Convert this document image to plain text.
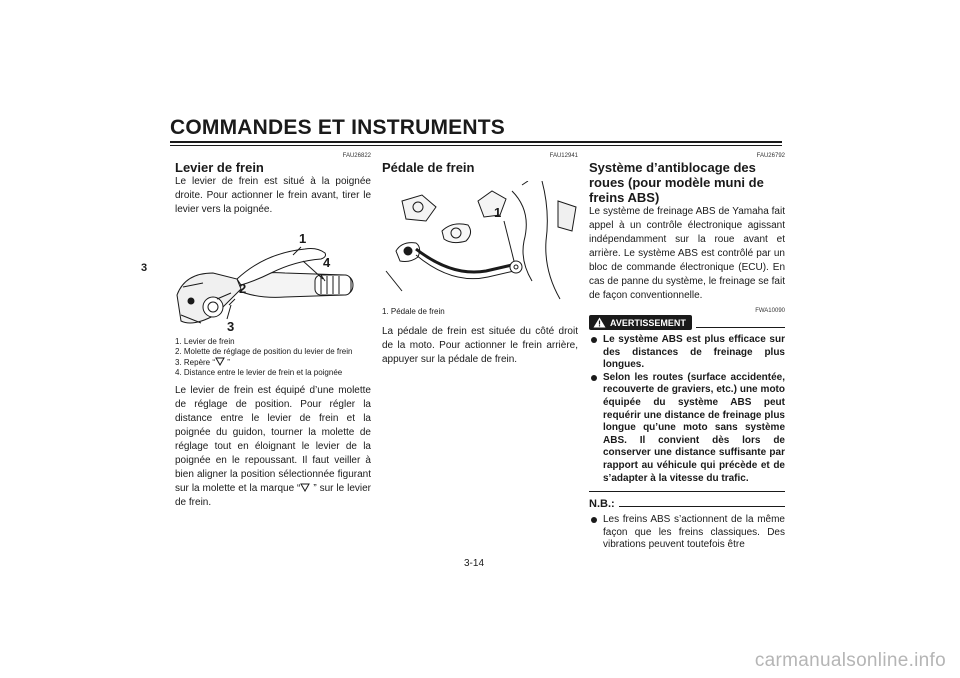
COMMANDES ET INSTRUMENTS
3
FAU26822
Levier de frein

Le levier de frein est situé à la poignée droite. Pour actionner le frein avant, tirer le levier vers la poignée.

1
2
3
4
1. Levier de frein
2. Molette de réglage de position du levier de frein
3. Repère “ ”
4. Distance entre le levier de frein et la poignée

Le levier de frein est équipé d’une molette de réglage de position. Pour régler la distance entre le levier de frein et la poignée du guidon, tourner la molette de réglage tout en éloignant le levier de la poignée en le repoussant. Il faut veiller à bien aligner la position sélectionnée figurant sur la molette et la marque “ ” sur le levier de frein.

FAU12941
Pédale de frein
1
1. Pédale de frein

La pédale de frein est située du côté droit de la moto. Pour actionner le frein arrière, appuyer sur la pédale de frein.

FAU26792
Système d’antiblocage des roues (pour modèle muni de freins ABS)

Le système de freinage ABS de Yamaha fait appel à un contrôle électronique agissant indépendamment sur la roue avant et arrière. Le système ABS est contrôlé par un bloc de commande électronique (ECU). En cas de panne du système, le freinage se fait de façon conventionnelle.

FWA10090
AVERTISSEMENT
Le système ABS est plus efficace sur des distances de freinage plus longues.
Selon les routes (surface accidentée, recouverte de graviers, etc.) une moto équipée du système ABS peut requérir une distance de freinage plus longue qu’une moto sans système ABS. Il convient dès lors de conserver une distance suffisante par rapport au véhicule qui précède et de s’adapter à la vitesse du trafic.
N.B.:
Les freins ABS s’actionnent de la même façon que les freins classiques. Des vibrations peuvent toutefois être
3-14
carmanualsonline.info
